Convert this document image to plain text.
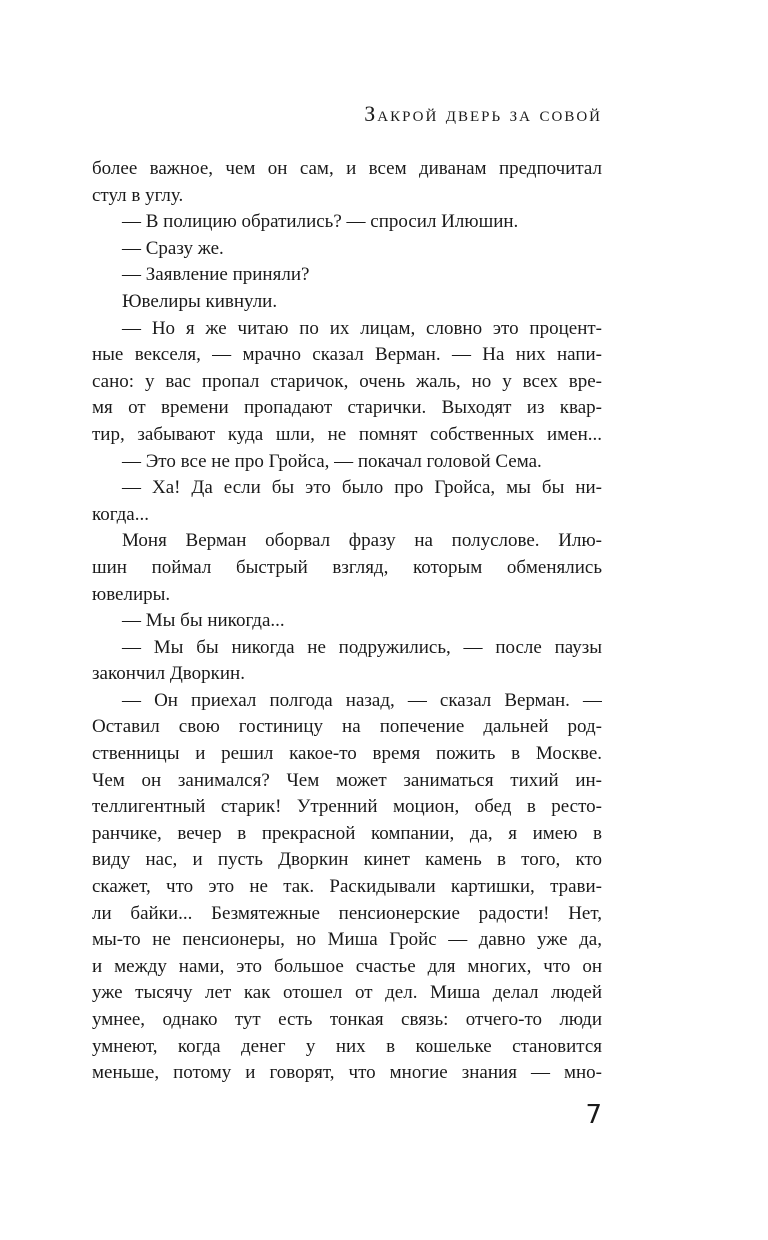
Закрой дверь за совой
более важное, чем он сам, и всем диванам предпочитал
стул в углу.
— В полицию обратились? — спросил Илюшин.
— Сразу же.
— Заявление приняли?
Ювелиры кивнули.
— Но я же читаю по их лицам, словно это процент-
ные векселя, — мрачно сказал Верман. — На них напи-
сано: у вас пропал старичок, очень жаль, но у всех вре-
мя от времени пропадают старички. Выходят из квар-
тир, забывают куда шли, не помнят собственных имен...
— Это все не про Гройса, — покачал головой Сема.
— Ха! Да если бы это было про Гройса, мы бы ни-
когда...
Моня Верман оборвал фразу на полуслове. Илю-
шин поймал быстрый взгляд, которым обменялись
ювелиры.
— Мы бы никогда...
— Мы бы никогда не подружились, — после паузы
закончил Дворкин.
— Он приехал полгода назад, — сказал Верман. —
Оставил свою гостиницу на попечение дальней род-
ственницы и решил какое-то время пожить в Москве.
Чем он занимался? Чем может заниматься тихий ин-
теллигентный старик! Утренний моцион, обед в ресто-
ранчике, вечер в прекрасной компании, да, я имею в
виду нас, и пусть Дворкин кинет камень в того, кто
скажет, что это не так. Раскидывали картишки, трави-
ли байки... Безмятежные пенсионерские радости! Нет,
мы-то не пенсионеры, но Миша Гройс — давно уже да,
и между нами, это большое счастье для многих, что он
уже тысячу лет как отошел от дел. Миша делал людей
умнее, однако тут есть тонкая связь: отчего-то люди
умнеют, когда денег у них в кошельке становится
меньше, потому и говорят, что многие знания — мно-
7
